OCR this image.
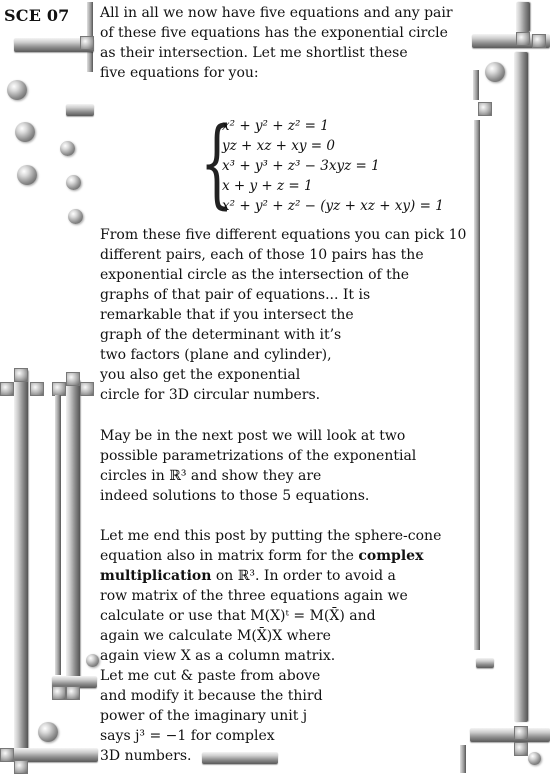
SCE 07 All in all we now have five equations and any pair
of these five equations has the exponential circle
as their intersection. Let me shortlist these
five equations for you:
{
x² + y² + z² = 1
yz + xz + xy = 0
x³ + y³ + z³ − 3xyz = 1
x + y + z = 1
x² + y² + z² − (yz + xz + xy) = 1
From these five different equations you can pick 10
different pairs, each of those 10 pairs has the
exponential circle as the intersection of the
graphs of that pair of equations... It is
remarkable that if you intersect the
graph of the determinant with it’s
two factors (plane and cylinder),
you also get the exponential
circle for 3D circular numbers.
May be in the next post we will look at two
possible parametrizations of the exponential
circles in ℝ³ and show they are
indeed solutions to those 5 equations.
Let me end this post by putting the sphere-cone
equation also in matrix form for the complex
multiplication on ℝ³. In order to avoid a
row matrix of the three equations again we
calculate or use that M(X)ᵗ = M(X̄) and
again we calculate M(X̄)X where
again view X as a column matrix.
Let me cut & paste from above
and modify it because the third
power of the imaginary unit j
says j³ = −1 for complex
3D numbers.
